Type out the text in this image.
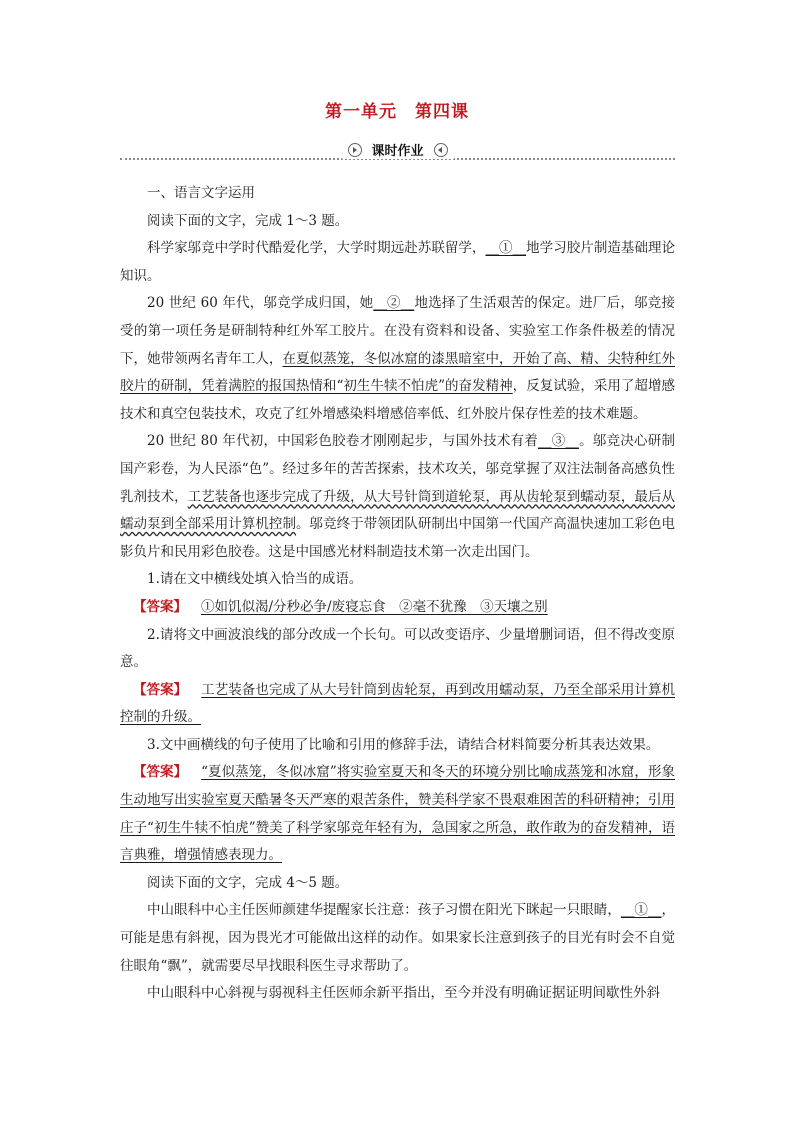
第一单元　第四课
课时作业

一、语言文字运用

阅读下面的文字，完成 1～3 题。

科学家邬竞中学时代酷爱化学，大学时期远赴苏联留学，__①__地学习胶片制造基础理论知识。

20 世纪 60 年代，邬竞学成归国，她__②__地选择了生活艰苦的保定。进厂后，邬竞接受的第一项任务是研制特种红外军工胶片。在没有资料和设备、实验室工作条件极差的情况下，她带领两名青年工人，在夏似蒸笼，冬似冰窟的漆黑暗室中，开始了高、精、尖特种红外胶片的研制，凭着满腔的报国热情和“初生牛犊不怕虎”的奋发精神，反复试验，采用了超增感技术和真空包装技术，攻克了红外增感染料增感倍率低、红外胶片保存性差的技术难题。

20 世纪 80 年代初，中国彩色胶卷才刚刚起步，与国外技术有着__③__。邬竞决心研制国产彩卷，为人民添“色”。经过多年的苦苦探索，技术攻关，邬竞掌握了双注法制备高感负性乳剂技术，工艺装备也逐步完成了升级，从大号针筒到道轮泵，再从齿轮泵到蠕动泵，最后从蠕动泵到全部采用计算机控制。邬竞终于带领团队研制出中国第一代国产高温快速加工彩色电影负片和民用彩色胶卷。这是中国感光材料制造技术第一次走出国门。

1.请在文中横线处填入恰当的成语。

【答案】 ①如饥似渴/分秒必争/废寝忘食　②毫不犹豫　③天壤之别

2.请将文中画波浪线的部分改成一个长句。可以改变语序、少量增删词语，但不得改变原意。

【答案】 工艺装备也完成了从大号针筒到齿轮泵，再到改用蠕动泵，乃至全部采用计算机控制的升级。

3.文中画横线的句子使用了比喻和引用的修辞手法，请结合材料简要分析其表达效果。

【答案】 “夏似蒸笼，冬似冰窟”将实验室夏天和冬天的环境分别比喻成蒸笼和冰窟，形象生动地写出实验室夏天酷暑冬天严寒的艰苦条件，赞美科学家不畏艰难困苦的科研精神；引用庄子“初生牛犊不怕虎”赞美了科学家邬竞年轻有为，急国家之所急，敢作敢为的奋发精神，语言典雅，增强情感表现力。

阅读下面的文字，完成 4～5 题。

中山眼科中心主任医师颜建华提醒家长注意：孩子习惯在阳光下眯起一只眼睛，__①__，可能是患有斜视，因为畏光才可能做出这样的动作。如果家长注意到孩子的目光有时会不自觉往眼角“飘”，就需要尽早找眼科医生寻求帮助了。

中山眼科中心斜视与弱视科主任医师余新平指出，至今并没有明确证据证明间歇性外斜
